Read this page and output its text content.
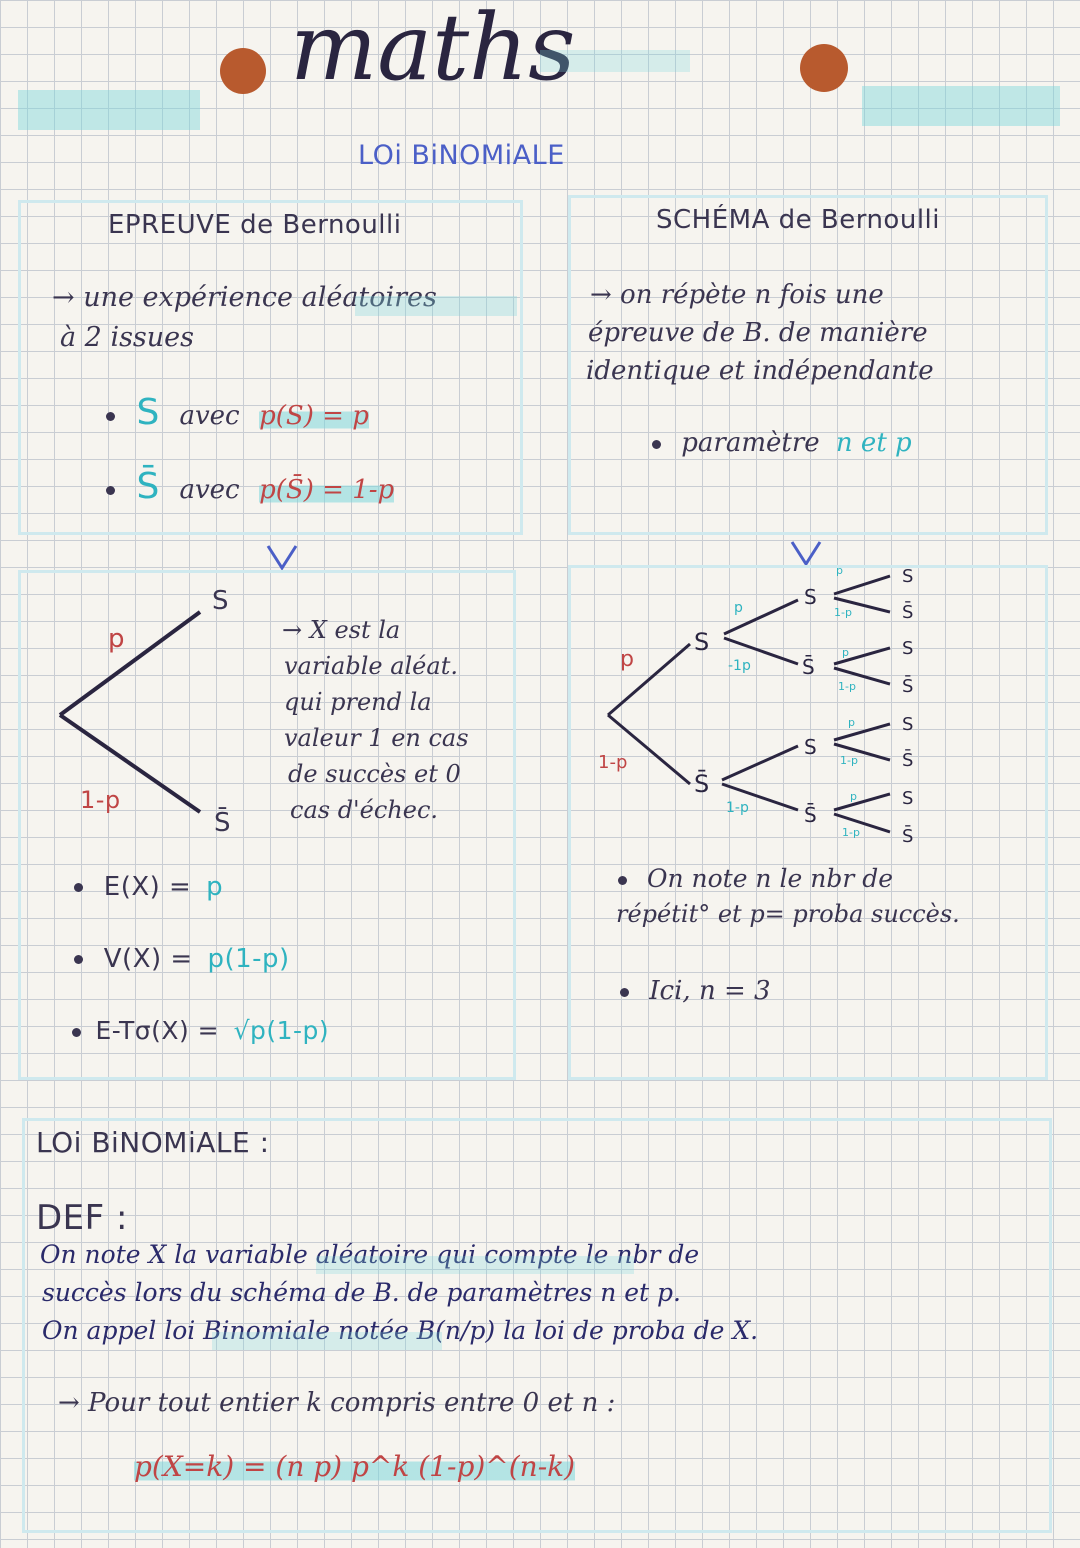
maths
LOi BiNOMiALE
EPREUVE de Bernoulli
→ une expérience aléatoires
à 2 issues
S avec p(S) = p
S̄ avec p(S̄) = 1-p
SCHÉMA de Bernoulli
→ on répète n fois une
épreuve de B. de manière
identique et indépendante
paramètre n et p
p
1-p
S
S̄
→ X est la
variable aléat.
qui prend la
valeur 1 en cas
de succès et 0
cas d'échec.
E(X) = p
V(X) = p(1-p)
E-Tσ(X) = √p(1-p)
p
1-p
p
-1p
1-p
p
1-p
p
1-p
p
1-p
p
1-p
S
S̄
S
S̄
S
S̄
S
S̄
S
S̄
S
S̄
S
S̄
On note n le nbr de
répétit° et p= proba succès.
Ici, n = 3
LOi BiNOMiALE :
DEF :
On note X la variable aléatoire qui compte le nbr de
succès lors du schéma de B. de paramètres n et p.
On appel loi Binomiale notée B(n/p) la loi de proba de X.
→ Pour tout entier k compris entre 0 et n :
p(X=k) = (n p) p^k (1-p)^(n-k)
